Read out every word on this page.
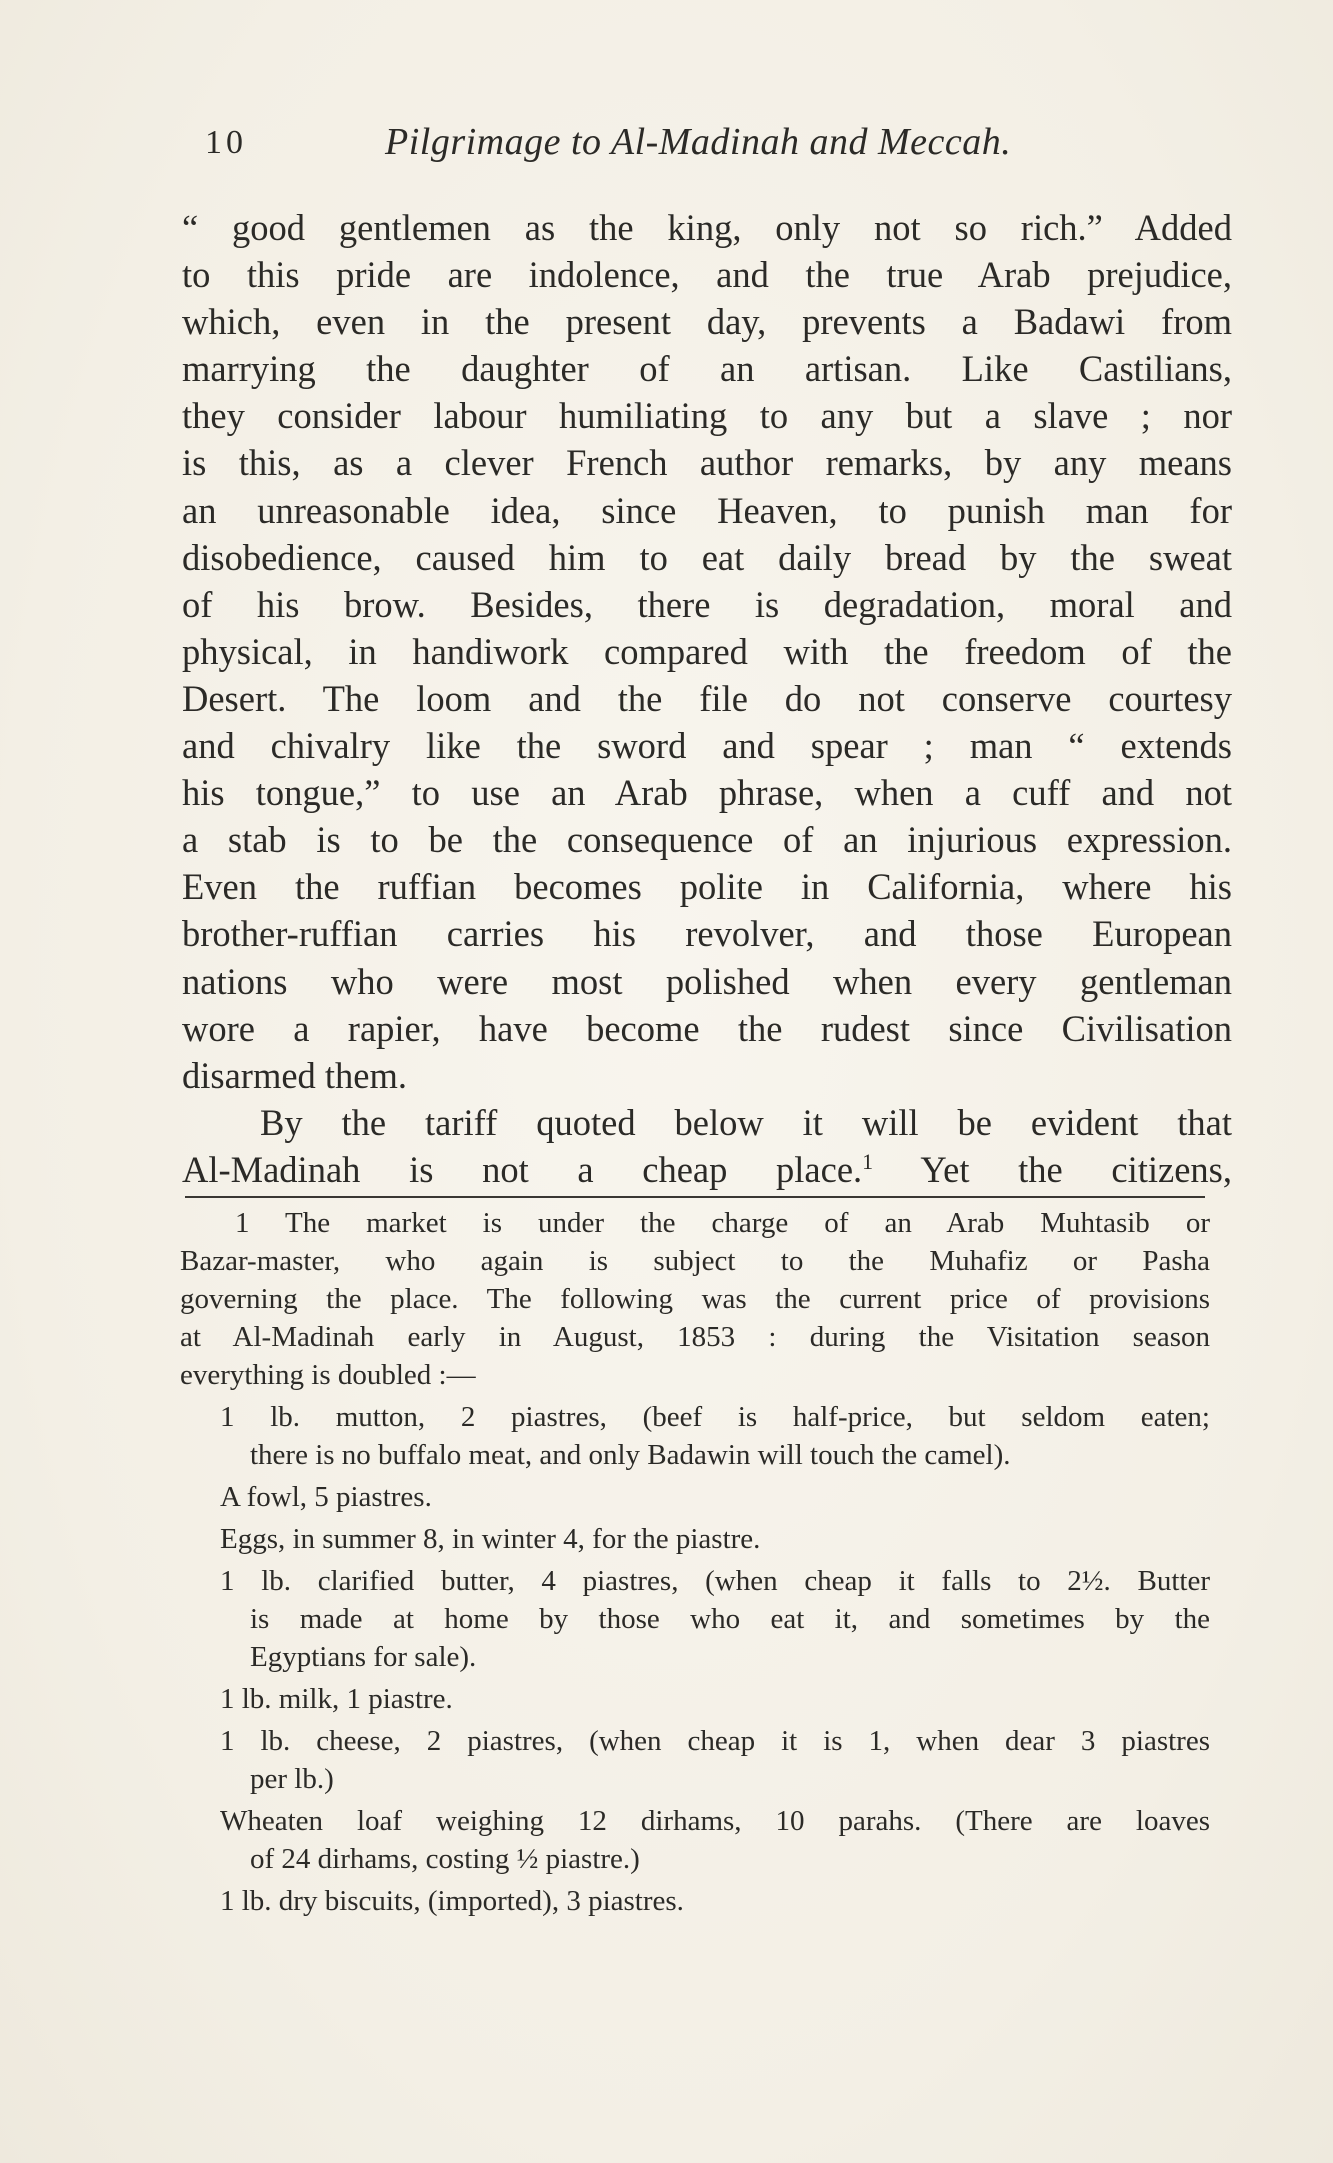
10	Pilgrimage to Al-Madinah and Meccah.
“ good gentlemen as the king, only not so rich.” Added
to this pride are indolence, and the true Arab prejudice,
which, even in the present day, prevents a Badawi from
marrying the daughter of an artisan. Like Castilians,
they consider labour humiliating to any but a slave ; nor
is this, as a clever French author remarks, by any means
an unreasonable idea, since Heaven, to punish man for
disobedience, caused him to eat daily bread by the sweat
of his brow. Besides, there is degradation, moral and
physical, in handiwork compared with the freedom of the
Desert. The loom and the file do not conserve courtesy
and chivalry like the sword and spear ; man “ extends
his tongue,” to use an Arab phrase, when a cuff and not
a stab is to be the consequence of an injurious expression.
Even the ruffian becomes polite in California, where his
brother-ruffian carries his revolver, and those European
nations who were most polished when every gentleman
wore a rapier, have become the rudest since Civilisation
disarmed them.
By the tariff quoted below it will be evident that
Al-Madinah is not a cheap place.$^1$ Yet the citizens,
1 The market is under the charge of an Arab Muhtasib or
Bazar-master, who again is subject to the Muhafiz or Pasha
governing the place. The following was the current price of provisions
at Al-Madinah early in August, 1853 : during the Visitation season
everything is doubled :—
1 lb. mutton, 2 piastres, (beef is half-price, but seldom eaten;
there is no buffalo meat, and only Badawin will touch the camel).
A fowl, 5 piastres.
Eggs, in summer 8, in winter 4, for the piastre.
1 lb. clarified butter, 4 piastres, (when cheap it falls to 2½. Butter
is made at home by those who eat it, and sometimes by the
Egyptians for sale).
1 lb. milk, 1 piastre.
1 lb. cheese, 2 piastres, (when cheap it is 1, when dear 3 piastres
per lb.)
Wheaten loaf weighing 12 dirhams, 10 parahs. (There are loaves
of 24 dirhams, costing ½ piastre.)
1 lb. dry biscuits, (imported), 3 piastres.
